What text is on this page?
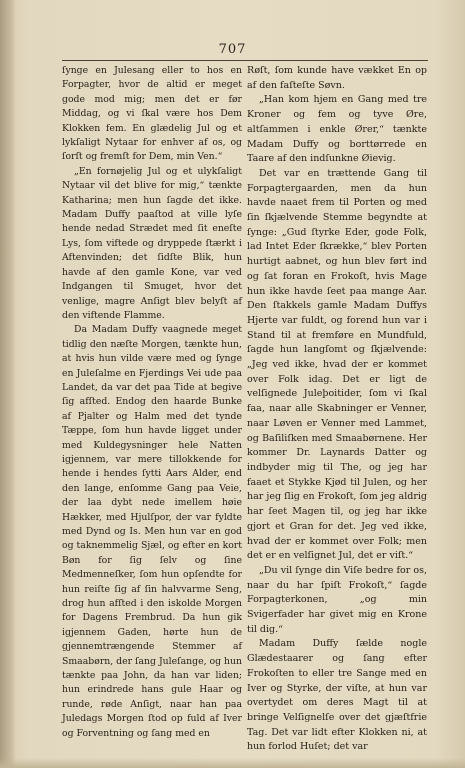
707

ſynge en Julesang eller to hos en Forpagter, hvor de altid er meget gode mod mig; men det er før Middag, og vi ſkal være hos Dem Klokken fem. En glædelig Jul og et lykſaligt Nytaar for enhver af os, og ſorſt og fremſt for Dem, min Ven.“

„En fornøjelig Jul og et ulykſaligt Nytaar vil det blive for mig,“ tænkte Katharina; men hun ſagde det ikke. Madam Duffy paaſtod at ville lyſe hende nedad Strædet med ſit eneſte Lys, ſom viftede og dryppede ſtærkt i Aftenvinden; det ſidſte Blik, hun havde af den gamle Kone, var ved Indgangen til Smuget, hvor det venlige, magre Anſigt blev belyſt af den viftende Flamme.

Da Madam Duffy vaagnede meget tidlig den næſte Morgen, tænkte hun, at hvis hun vilde være med og ſynge en Juleſalme en Fjerdings Vei ude paa Landet, da var det paa Tide at begive ſig afſted. Endog den haarde Bunke af Pjalter og Halm med det tynde Tæppe, ſom hun havde ligget under med Kuldegysninger hele Natten igjennem, var mere tillokkende for hende i hendes ſytti Aars Alder, end den lange, enſomme Gang paa Veie, der laa dybt nede imellem høie Hækker, med Hjulſpor, der var fyldte med Dynd og Is. Men hun var en god og taknemmelig Sjæl, og efter en kort Bøn for ſig ſelv og ſine Medmenneſker, ſom hun opſendte for hun reiſte ſig af ſin halvvarme Seng, drog hun afſted i den iskolde Morgen for Dagens Frembrud. Da hun gik igjennem Gaden, hørte hun de gjennemtrængende Stemmer af Smaabørn, der ſang Juleſange, og hun tænkte paa John, da han var liden; hun erindrede hans gule Haar og runde, røde Anſigt, naar han paa Juledags Morgen ſtod op fuld af Iver og Forventning og ſang med en

Røſt, ſom kunde have vækket En op af den faſteſte Søvn.

„Han kom hjem en Gang med tre Kroner og fem og tyve Øre, altſammen i enkle Ører,“ tænkte Madam Duffy og borttørrede en Taare af den indſunkne Øievig.

Det var en trættende Gang til Forpagtergaarden, men da hun havde naaet frem til Porten og med ſin ſkjælvende Stemme begyndte at ſynge: „Gud ſtyrke Eder, gode Folk, lad Intet Eder ſkrække,“ blev Porten hurtigt aabnet, og hun blev ført ind og ſat foran en Frokoſt, hvis Mage hun ikke havde ſeet paa mange Aar. Den ſtakkels gamle Madam Duffys Hjerte var fuldt, og forend hun var i Stand til at fremføre en Mundfuld, ſagde hun langſomt og ſkjælvende: „Jeg ved ikke, hvad der er kommet over Folk idag. Det er ligt de velſignede Juleþoitider, ſom vi ſkal faa, naar alle Skabninger er Venner, naar Løven er Venner med Lammet, og Baſiliſken med Smaabørnene. Her kommer Dr. Laynards Datter og indbyder mig til The, og jeg har faaet et Stykke Kjød til Julen, og her har jeg ſlig en Frokoſt, ſom jeg aldrig har ſeet Magen til, og jeg har ikke gjort et Gran for det. Jeg ved ikke, hvad der er kommet over Folk; men det er en velſignet Jul, det er viſt.“

„Du vil ſynge din Viſe bedre for os, naar du har ſpiſt Frokoſt,“ ſagde Forpagterkonen, „og min Svigerfader har givet mig en Krone til dig.“

Madam Duffy ſælde nogle Glædestaarer og ſang efter Frokoſten to eller tre Sange med en Iver og Styrke, der viſte, at hun var overtydet om deres Magt til at bringe Velſignelſe over det gjæſtfrie Tag. Det var lidt efter Klokken ni, at hun forlod Huſet; det var
